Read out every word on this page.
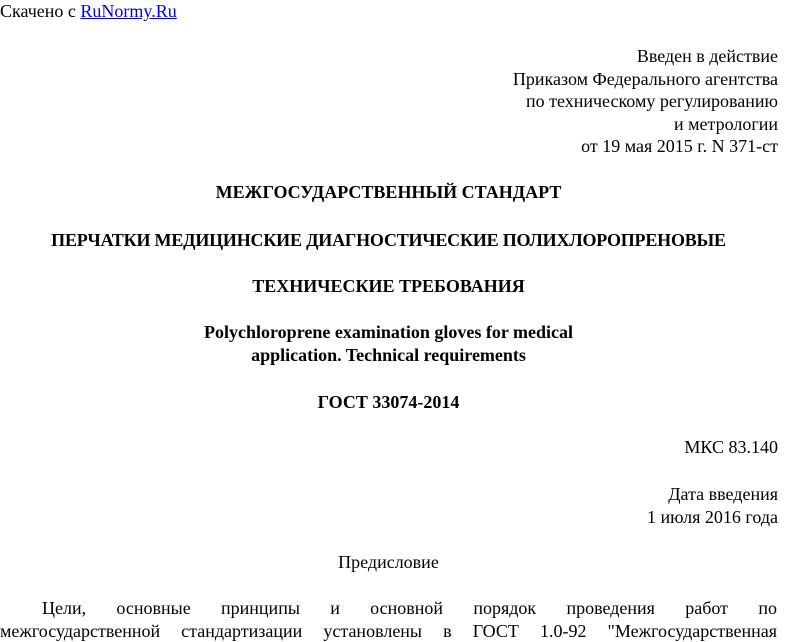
Скачено с RuNormy.Ru
Введен в действие
Приказом Федерального агентства
по техническому регулированию
и метрологии
от 19 мая 2015 г. N 371-ст
МЕЖГОСУДАРСТВЕННЫЙ СТАНДАРТ
ПЕРЧАТКИ МЕДИЦИНСКИЕ ДИАГНОСТИЧЕСКИЕ ПОЛИХЛОРОПРЕНОВЫЕ
ТЕХНИЧЕСКИЕ ТРЕБОВАНИЯ
Polychloroprene examination gloves for medical
application. Technical requirements
ГОСТ 33074-2014
МКС 83.140
Дата введения
1 июля 2016 года
Предисловие
Цели, основные принципы и основной порядок проведения работ по
межгосударственной стандартизации установлены в ГОСТ 1.0-92 "Межгосударственная
